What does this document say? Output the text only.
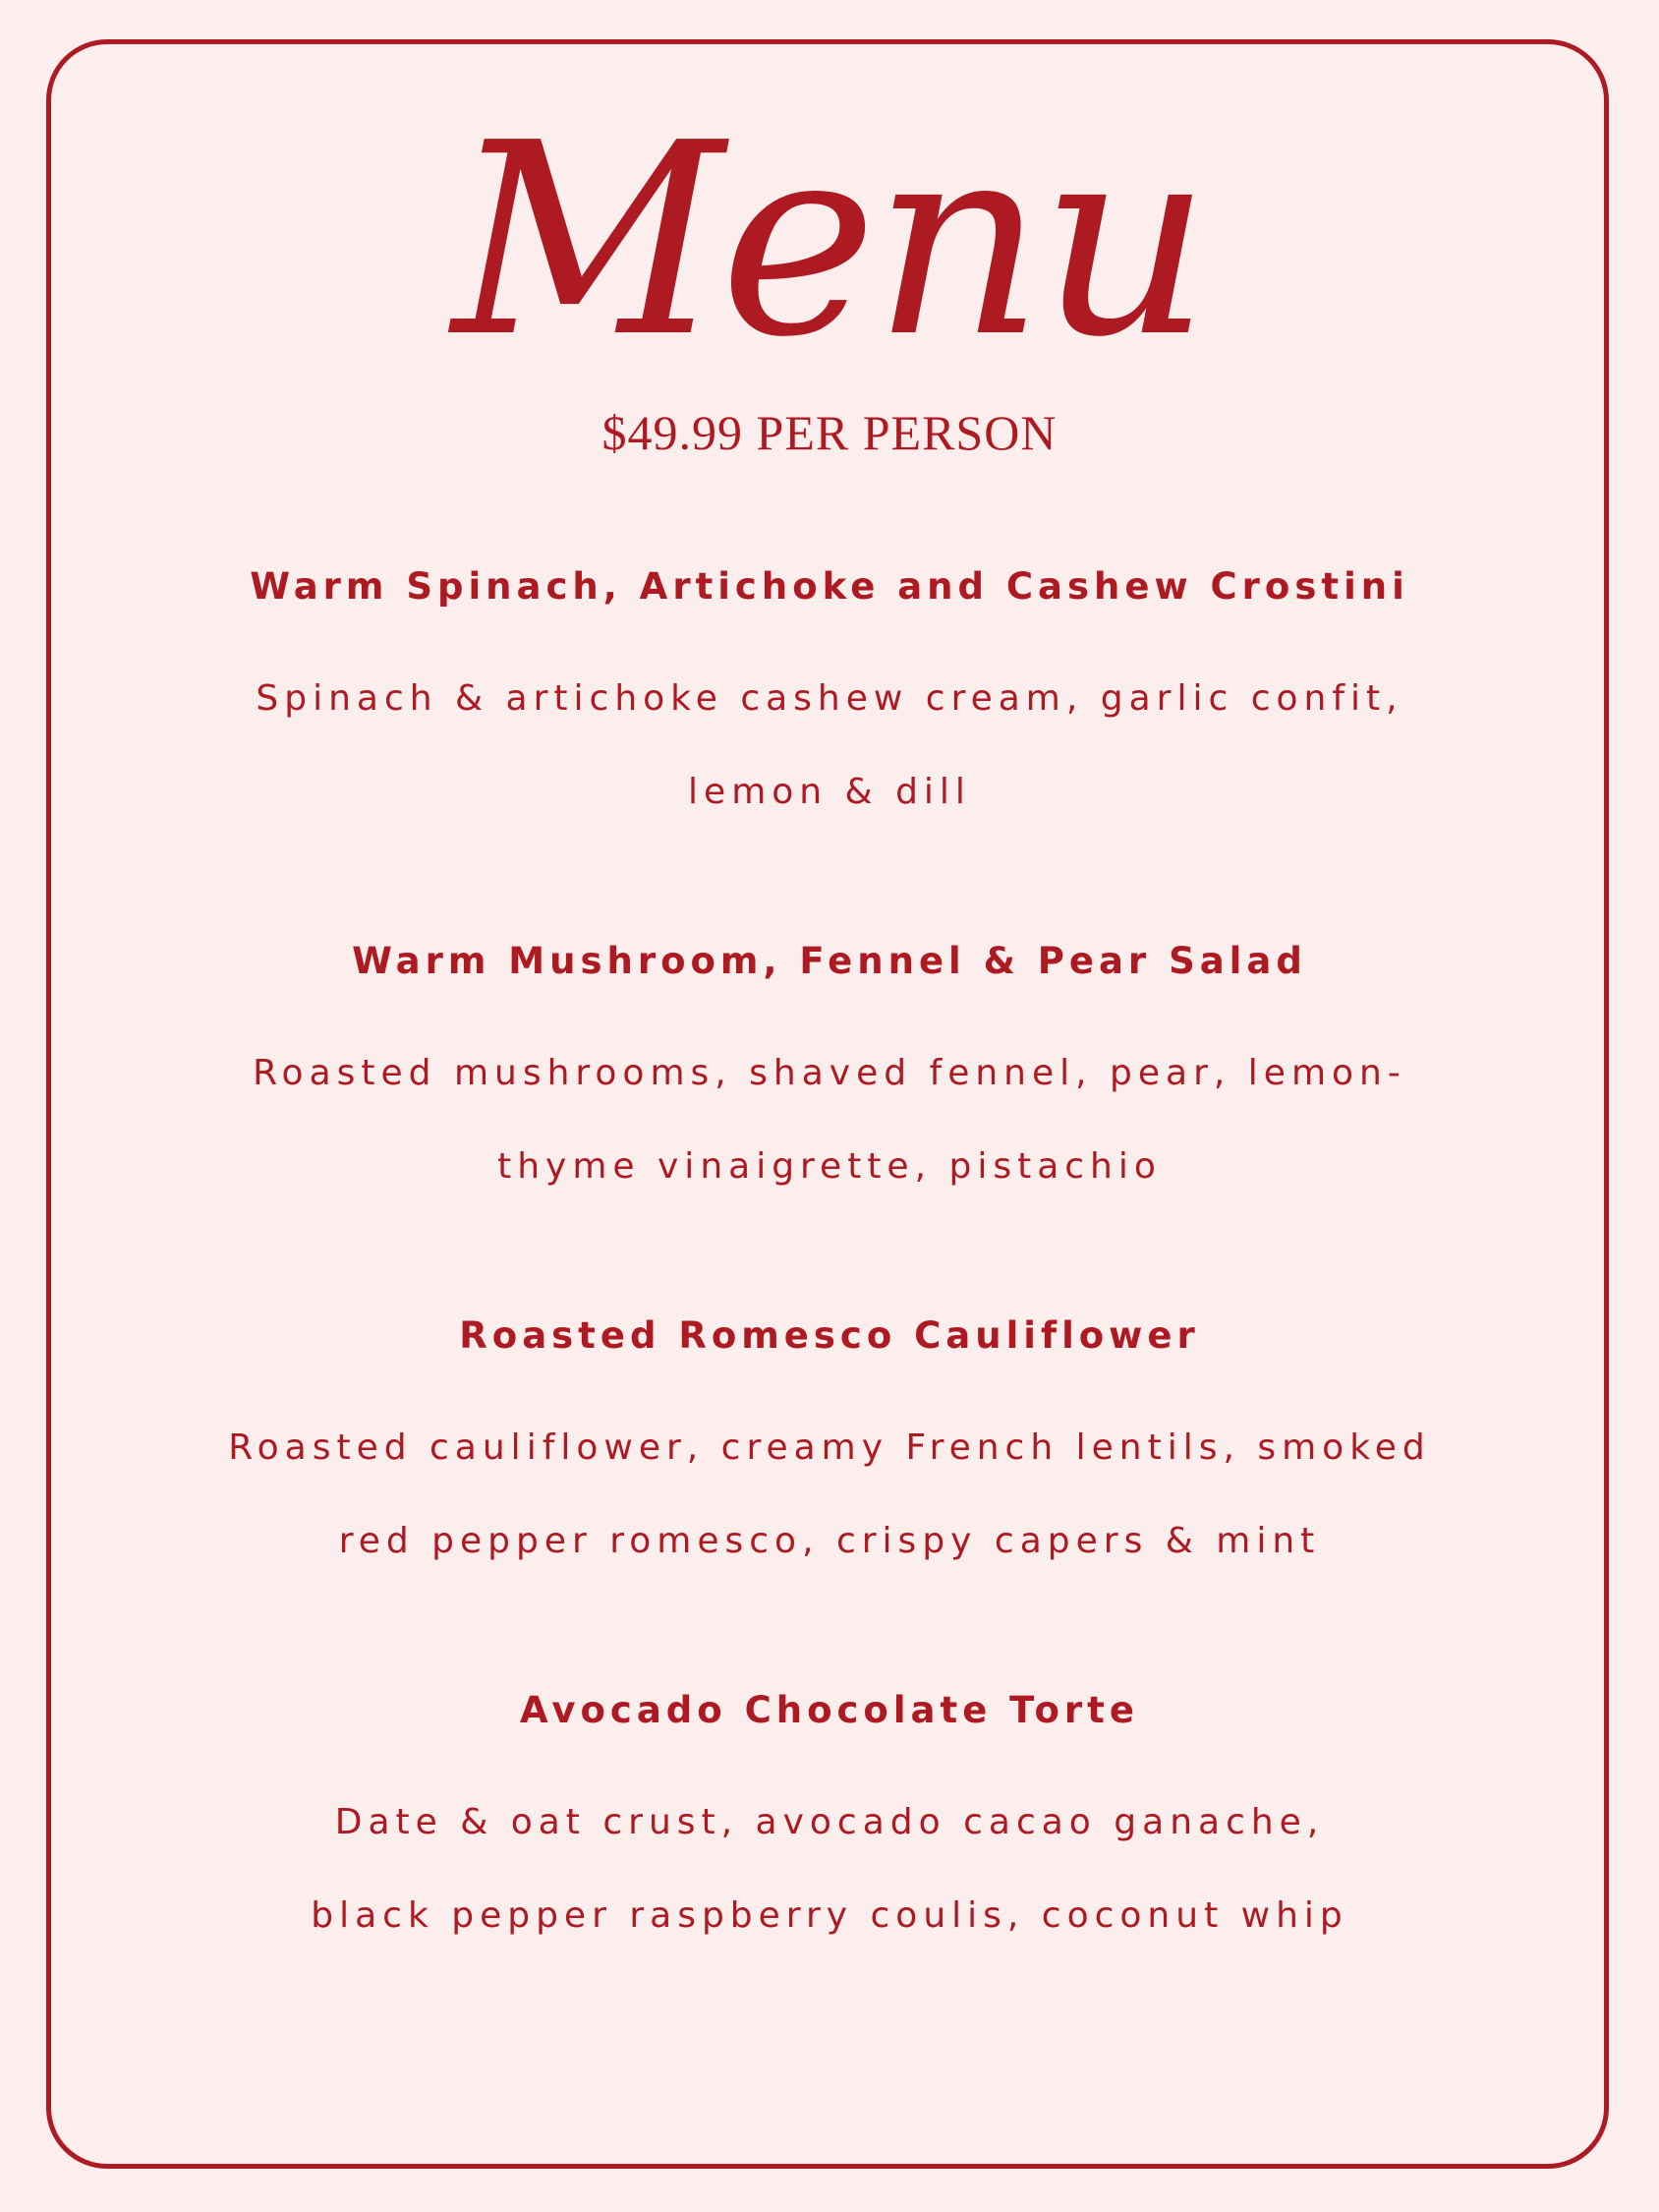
Menu
$49.99 PER PERSON
Warm Spinach, Artichoke and Cashew Crostini
Spinach & artichoke cashew cream, garlic confit,
lemon & dill
Warm Mushroom, Fennel & Pear Salad
Roasted mushrooms, shaved fennel, pear, lemon-
thyme vinaigrette, pistachio
Roasted Romesco Cauliflower
Roasted cauliflower, creamy French lentils, smoked
red pepper romesco, crispy capers & mint
Avocado Chocolate Torte
Date & oat crust, avocado cacao ganache,
black pepper raspberry coulis, coconut whip
